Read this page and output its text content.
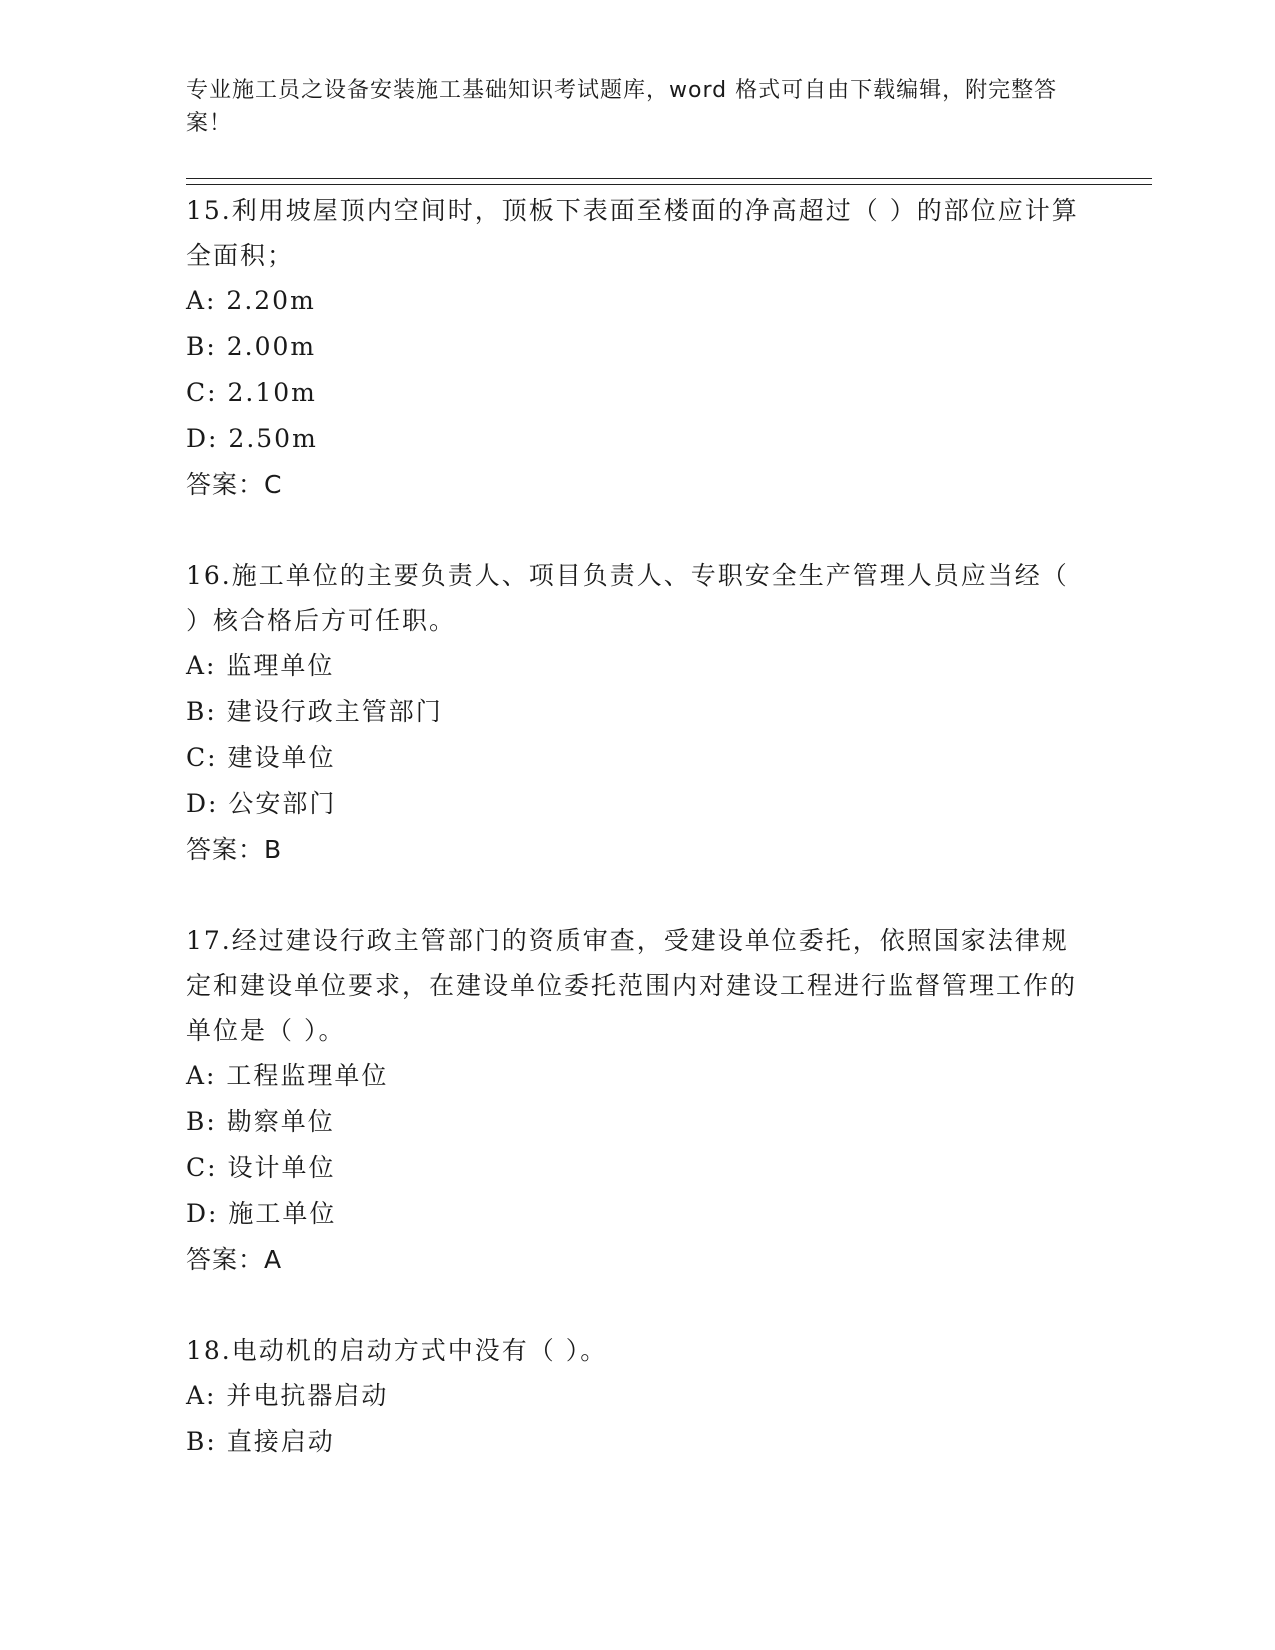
专业施工员之设备安装施工基础知识考试题库，word 格式可自由下载编辑，附完整答案！
15.利用坡屋顶内空间时，顶板下表面至楼面的净高超过（ ）的部位应计算全面积；
A: 2.20m
B: 2.00m
C: 2.10m
D: 2.50m
答案：C
16.施工单位的主要负责人、项目负责人、专职安全生产管理人员应当经（ ）核合格后方可任职。
A: 监理单位
B: 建设行政主管部门
C: 建设单位
D: 公安部门
答案：B
17.经过建设行政主管部门的资质审查，受建设单位委托，依照国家法律规定和建设单位要求，在建设单位委托范围内对建设工程进行监督管理工作的单位是（ ）。
A: 工程监理单位
B: 勘察单位
C: 设计单位
D: 施工单位
答案：A
18.电动机的启动方式中没有（ ）。
A: 并电抗器启动
B: 直接启动
